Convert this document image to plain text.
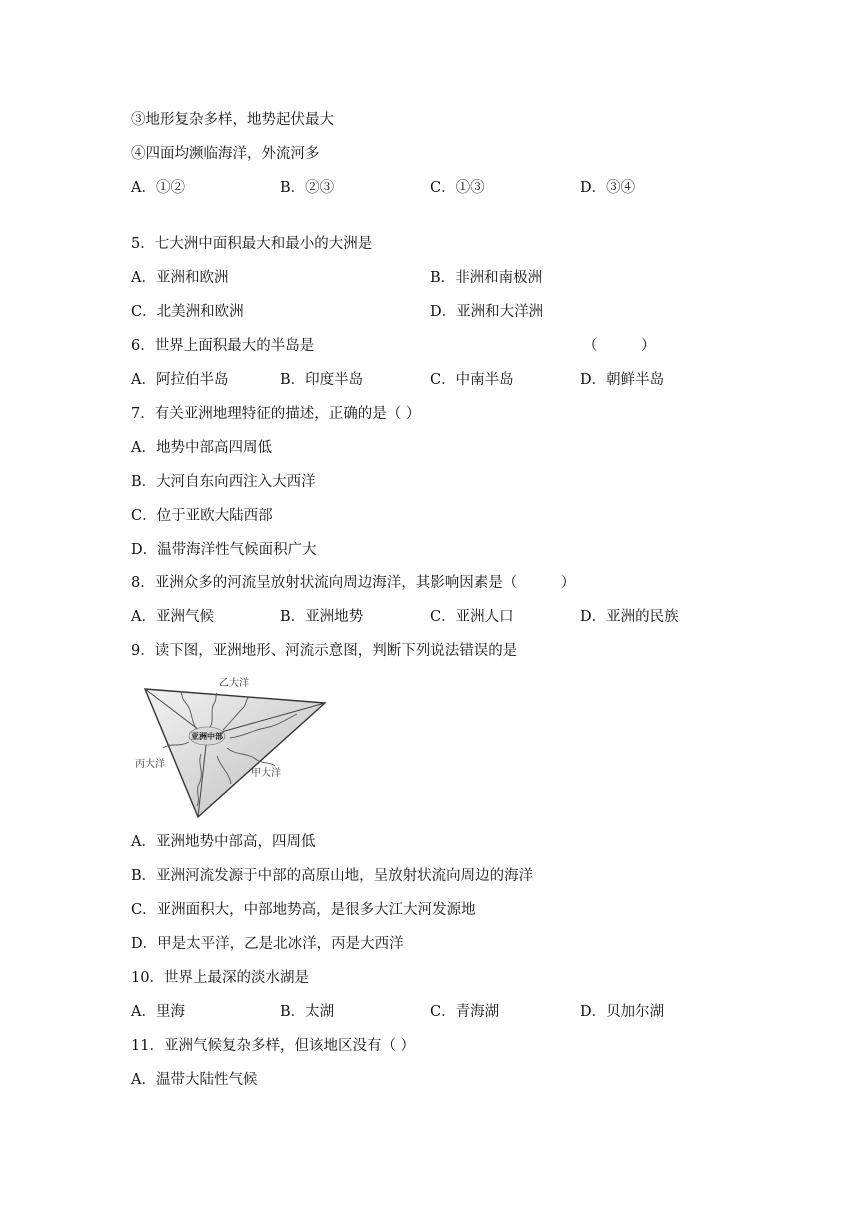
③地形复杂多样，地势起伏最大
④四面均濒临海洋，外流河多
A．①②	B．②③	C．①③	D．③④
5．七大洲中面积最大和最小的大洲是
A．亚洲和欧洲	B．非洲和南极洲
C．北美洲和欧洲	D．亚洲和大洋洲
6．世界上面积最大的半岛是	（　　　）
A．阿拉伯半岛	B．印度半岛	C．中南半岛	D．朝鲜半岛
7．有关亚洲地理特征的描述，正确的是（ ）
A．地势中部高四周低
B．大河自东向西注入大西洋
C．位于亚欧大陆西部
D．温带海洋性气候面积广大
8．亚洲众多的河流呈放射状流向周边海洋，其影响因素是（　　　）
A．亚洲气候	B．亚洲地势	C．亚洲人口	D．亚洲的民族
9．读下图，亚洲地形、河流示意图，判断下列说法错误的是
亚洲中部
乙大洋
丙大洋
甲大洋
A．亚洲地势中部高，四周低
B．亚洲河流发源于中部的高原山地，呈放射状流向周边的海洋
C．亚洲面积大，中部地势高，是很多大江大河发源地
D．甲是太平洋，乙是北冰洋，丙是大西洋
10．世界上最深的淡水湖是
A．里海	B．太湖	C．青海湖	D．贝加尔湖
11．亚洲气候复杂多样，但该地区没有（ ）
A．温带大陆性气候
